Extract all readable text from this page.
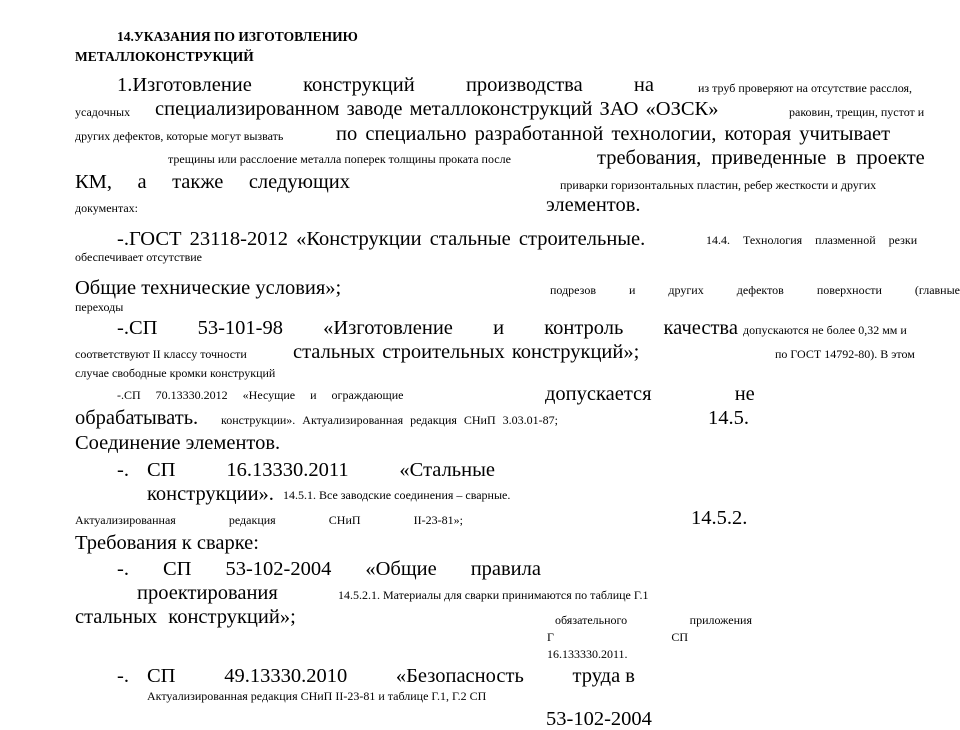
14.УКАЗАНИЯ ПО ИЗГОТОВЛЕНИЮ
МЕТАЛЛОКОНСТРУКЦИЙ
1.Изготовление	конструкций	производства	на	из труб проверяют на отсутствие расслоя,
усадочных специализированном заводе металлоконструкций ЗАО «ОЗСК»	раковин, трещин, пустот и
других дефектов, которые могут вызвать	по специально разработанной технологии, которая учитывает
трещины или расслоение металла поперек толщины проката после	требования, приведенные в проекте
КМ, а также следующих	приварки горизонтальных пластин, ребер жесткости и других
документах:	элементов.
-.ГОСТ 23118-2012 «Конструкции стальные строительные.	14.4. Технология плазменной резки
обеспечивает отсутствие
Общие технические условия»;	подрезов	и	других	дефектов	поверхности	(главные
переходы
-.СП 53-101-98 «Изготовление и контроль качества допускаются не более 0,32 мм и
соответствуют II классу точности стальных строительных конструкций»;	по ГОСТ 14792-80). В этом
случае свободные кромки конструкций
-.СП 70.13330.2012 «Несущие и ограждающие	допускается не
обрабатывать. конструкции». Актуализированная редакция СНиП 3.03.01-87;	14.5.
Соединение элементов.
-. СП 16.13330.2011 «Стальные
конструкции». 14.5.1. Все заводские соединения – сварные.
Актуализированная	редакция	СНиП	II-23-81»;	14.5.2.
Требования к сварке:
-. СП 53-102-2004 «Общие правила
проектирования	14.5.2.1. Материалы для сварки принимаются по таблице Г.1
стальных конструкций»;	обязательного	приложения
Г	СП
16.133330.2011.
-. СП 49.13330.2010 «Безопасность труда в
Актуализированная редакция СНиП II-23-81 и таблице Г.1, Г.2 СП
53-102-2004
